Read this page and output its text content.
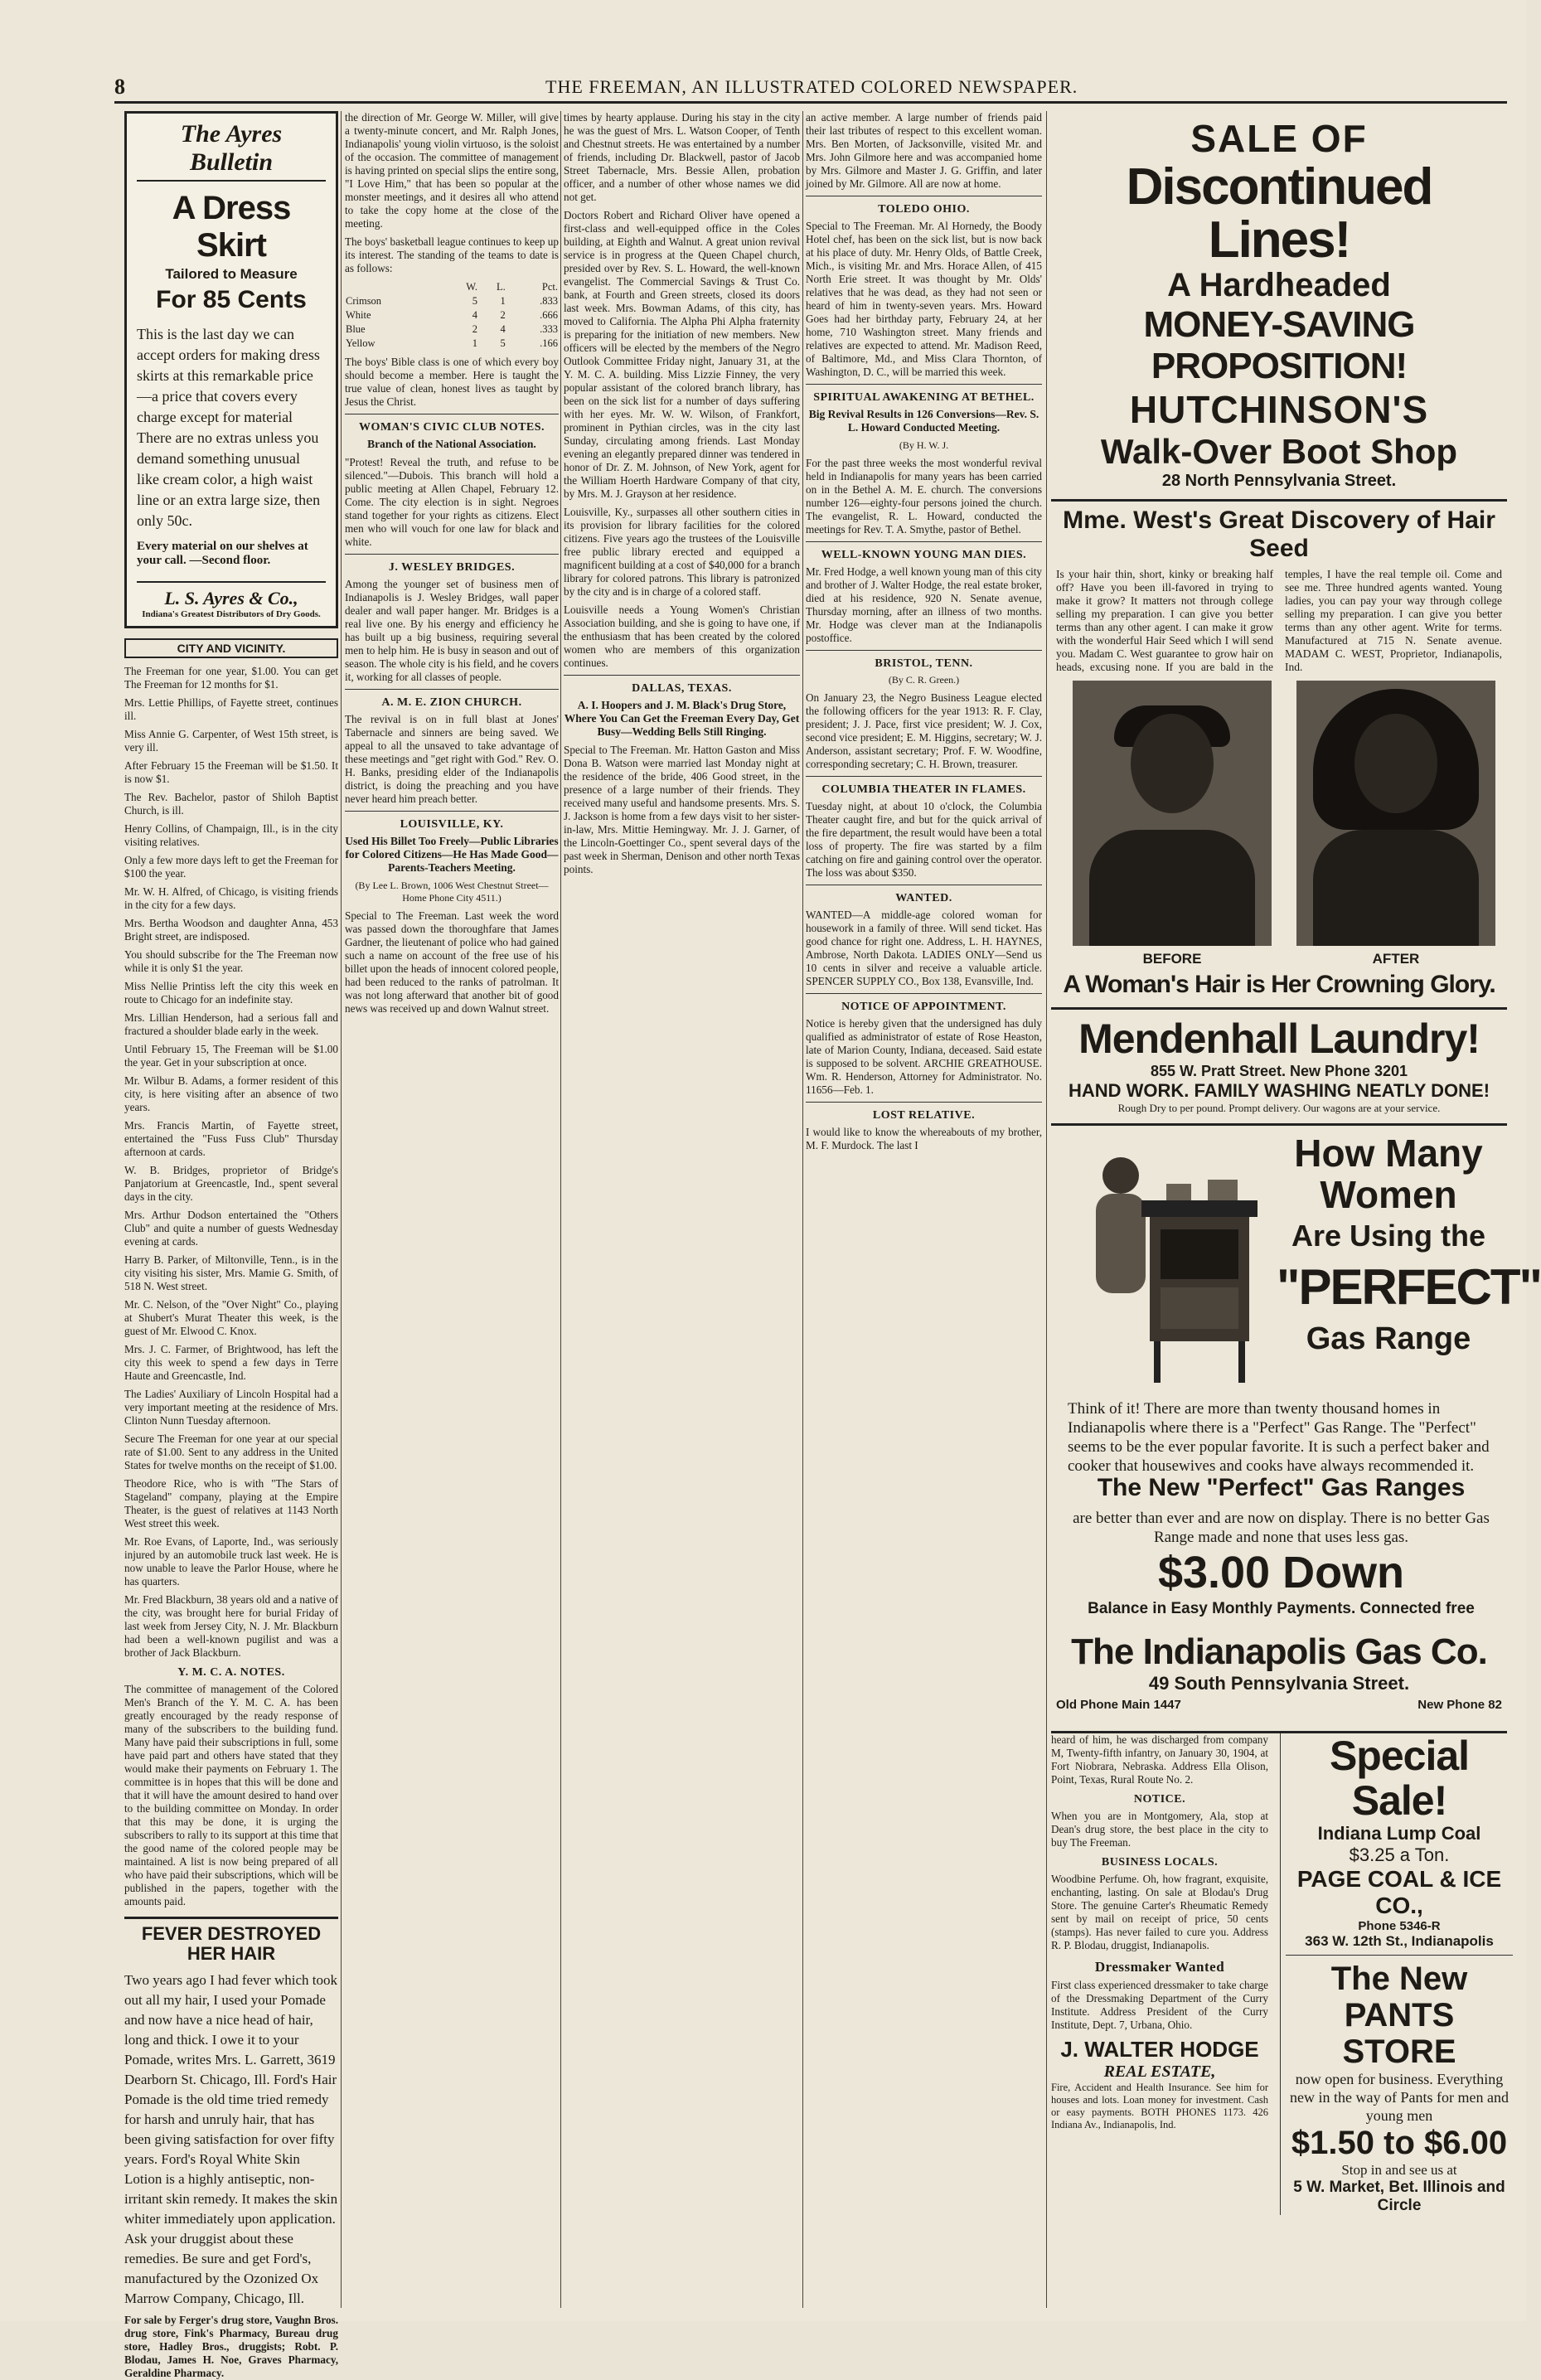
8	THE FREEMAN, AN ILLUSTRATED COLORED NEWSPAPER.
The Ayres Bulletin
A Dress Skirt
Tailored to Measure
For 85 Cents
This is the last day we can accept orders for making dress skirts at this remarkable price—a price that covers every charge except for material There are no extras unless you demand something unusual like cream color, a high waist line or an extra large size, then only 50c.
Every material on our shelves at your call. —Second floor.
L. S. Ayres & Co.,
Indiana's Greatest Distributors of Dry Goods.
CITY AND VICINITY.

The Freeman for one year, $1.00. You can get The Freeman for 12 months for $1.

Mrs. Lettie Phillips, of Fayette street, continues ill.

Miss Annie G. Carpenter, of West 15th street, is very ill.

After February 15 the Freeman will be $1.50. It is now $1.

The Rev. Bachelor, pastor of Shiloh Baptist Church, is ill.

Henry Collins, of Champaign, Ill., is in the city visiting relatives.

Only a few more days left to get the Freeman for $100 the year.

Mr. W. H. Alfred, of Chicago, is visiting friends in the city for a few days.

Mrs. Bertha Woodson and daughter Anna, 453 Bright street, are indisposed.

You should subscribe for the The Freeman now while it is only $1 the year.

Miss Nellie Printiss left the city this week en route to Chicago for an indefinite stay.

Mrs. Lillian Henderson, had a serious fall and fractured a shoulder blade early in the week.

Until February 15, The Freeman will be $1.00 the year. Get in your subscription at once.

Mr. Wilbur B. Adams, a former resident of this city, is here visiting after an absence of two years.

Mrs. Francis Martin, of Fayette street, entertained the "Fuss Fuss Club" Thursday afternoon at cards.

W. B. Bridges, proprietor of Bridge's Panjatorium at Greencastle, Ind., spent several days in the city.

Mrs. Arthur Dodson entertained the "Others Club" and quite a number of guests Wednesday evening at cards.

Harry B. Parker, of Miltonville, Tenn., is in the city visiting his sister, Mrs. Mamie G. Smith, of 518 N. West street.

Mr. C. Nelson, of the "Over Night" Co., playing at Shubert's Murat Theater this week, is the guest of Mr. Elwood C. Knox.

Mrs. J. C. Farmer, of Brightwood, has left the city this week to spend a few days in Terre Haute and Greencastle, Ind.

The Ladies' Auxiliary of Lincoln Hospital had a very important meeting at the residence of Mrs. Clinton Nunn Tuesday afternoon.

Secure The Freeman for one year at our special rate of $1.00. Sent to any address in the United States for twelve months on the receipt of $1.00.

Theodore Rice, who is with "The Stars of Stageland" company, playing at the Empire Theater, is the guest of relatives at 1143 North West street this week.

Mr. Roe Evans, of Laporte, Ind., was seriously injured by an automobile truck last week. He is now unable to leave the Parlor House, where he has quarters.

Mr. Fred Blackburn, 38 years old and a native of the city, was brought here for burial Friday of last week from Jersey City, N. J. Mr. Blackburn had been a well-known pugilist and was a brother of Jack Blackburn.

Y. M. C. A. NOTES.

The committee of management of the Colored Men's Branch of the Y. M. C. A. has been greatly encouraged by the ready response of many of the subscribers to the building fund. Many have paid their subscriptions in full, some have paid part and others have stated that they would make their payments on February 1. The committee is in hopes that this will be done and that it will have the amount desired to hand over to the building committee on Monday. In order that this may be done, it is urging the subscribers to rally to its support at this time that the good name of the colored people may be maintained. A list is now being prepared of all who have paid their subscriptions, which will be published in the papers, together with the amounts paid.

FEVER DESTROYED HER HAIR
Two years ago I had fever which took out all my hair, I used your Pomade and now have a nice head of hair, long and thick. I owe it to your Pomade, writes Mrs. L. Garrett, 3619 Dearborn St. Chicago, Ill. Ford's Hair Pomade is the old time tried remedy for harsh and unruly hair, that has been giving satisfaction for over fifty years. Ford's Royal White Skin Lotion is a highly antiseptic, non-irritant skin remedy. It makes the skin whiter immediately upon application. Ask your druggist about these remedies. Be sure and get Ford's, manufactured by the Ozonized Ox Marrow Company, Chicago, Ill.

For sale by Ferger's drug store, Vaughn Bros. drug store, Fink's Pharmacy, Bureau drug store, Hadley Bros., druggists; Robt. P. Blodau, James H. Noe, Graves Pharmacy, Geraldine Pharmacy.

the direction of Mr. George W. Miller, will give a twenty-minute concert, and Mr. Ralph Jones, Indianapolis' young violin virtuoso, is the soloist of the occasion. The committee of management is having printed on special slips the entire song, "I Love Him," that has been so popular at the monster meetings, and it desires all who attend to take the copy home at the close of the meeting.

The boys' basketball league continues to keep up its interest. The standing of the teams to date is as follows:

	W.	L.	Pct.
Crimson	5	1	.833
White	4	2	.666
Blue	2	4	.333
Yellow	1	5	.166

The boys' Bible class is one of which every boy should become a member. Here is taught the true value of clean, honest lives as taught by Jesus the Christ.

WOMAN'S CIVIC CLUB NOTES.
Branch of the National Association.

"Protest! Reveal the truth, and refuse to be silenced."—Dubois. This branch will hold a public meeting at Allen Chapel, February 12. Come. The city election is in sight. Negroes stand together for your rights as citizens. Elect men who will vouch for one law for black and white.

J. WESLEY BRIDGES.

Among the younger set of business men of Indianapolis is J. Wesley Bridges, wall paper dealer and wall paper hanger. Mr. Bridges is a real live one. By his energy and efficiency he has built up a big business, requiring several men to help him. He is busy in season and out of season. The whole city is his field, and he covers it, working for all classes of people.

A. M. E. ZION CHURCH.

The revival is on in full blast at Jones' Tabernacle and sinners are being saved. We appeal to all the unsaved to take advantage of these meetings and "get right with God." Rev. O. H. Banks, presiding elder of the Indianapolis district, is doing the preaching and you have never heard him preach better.

LOUISVILLE, KY.
Used His Billet Too Freely—Public Libraries for Colored Citizens—He Has Made Good—Parents-Teachers Meeting.
(By Lee L. Brown, 1006 West Chestnut Street—Home Phone City 4511.)

Special to The Freeman. Last week the word was passed down the thoroughfare that James Gardner, the lieutenant of police who had gained such a name on account of the free use of his billet upon the heads of innocent colored people, had been reduced to the ranks of patrolman. It was not long afterward that another bit of good news was received up and down Walnut street.

times by hearty applause. During his stay in the city he was the guest of Mrs. L. Watson Cooper, of Tenth and Chestnut streets. He was entertained by a number of friends, including Dr. Blackwell, pastor of Jacob Street Tabernacle, Mrs. Bessie Allen, probation officer, and a number of other whose names we did not get.

Doctors Robert and Richard Oliver have opened a first-class and well-equipped office in the Coles building, at Eighth and Walnut. A great union revival service is in progress at the Queen Chapel church, presided over by Rev. S. L. Howard, the well-known evangelist. The Commercial Savings & Trust Co. bank, at Fourth and Green streets, closed its doors last week. Mrs. Bowman Adams, of this city, has moved to California. The Alpha Phi Alpha fraternity is preparing for the initiation of new members. New officers will be elected by the members of the Negro Outlook Committee Friday night, January 31, at the Y. M. C. A. building. Miss Lizzie Finney, the very popular assistant of the colored branch library, has been on the sick list for a number of days suffering with her eyes. Mr. W. W. Wilson, of Frankfort, prominent in Pythian circles, was in the city last Sunday, circulating among friends. Last Monday evening an elegantly prepared dinner was tendered in honor of Dr. Z. M. Johnson, of New York, agent for the William Hoerth Hardware Company of that city, by Mrs. M. J. Grayson at her residence.

Louisville, Ky., surpasses all other southern cities in its provision for library facilities for the colored citizens. Five years ago the trustees of the Louisville free public library erected and equipped a magnificent building at a cost of $40,000 for a branch library for colored patrons. This library is patronized by the city and is in charge of a colored staff.

Louisville needs a Young Women's Christian Association building, and she is going to have one, if the enthusiasm that has been created by the colored women who are members of this organization continues.

DALLAS, TEXAS.
A. I. Hoopers and J. M. Black's Drug Store, Where You Can Get the Freeman Every Day, Get Busy—Wedding Bells Still Ringing.

Special to The Freeman. Mr. Hatton Gaston and Miss Dona B. Watson were married last Monday night at the residence of the bride, 406 Good street, in the presence of a large number of their friends. They received many useful and handsome presents. Mrs. S. J. Jackson is home from a few days visit to her sister-in-law, Mrs. Mittie Hemingway. Mr. J. J. Garner, of the Lincoln-Goettinger Co., spent several days of the past week in Sherman, Denison and other north Texas points.

an active member. A large number of friends paid their last tributes of respect to this excellent woman. Mrs. Ben Morten, of Jacksonville, visited Mr. and Mrs. John Gilmore here and was accompanied home by Mrs. Gilmore and Master J. G. Griffin, and later joined by Mr. Gilmore. All are now at home.

TOLEDO OHIO.

Special to The Freeman. Mr. Al Hornedy, the Boody Hotel chef, has been on the sick list, but is now back at his place of duty. Mr. Henry Olds, of Battle Creek, Mich., is visiting Mr. and Mrs. Horace Allen, of 415 North Erie street. It was thought by Mr. Olds' relatives that he was dead, as they had not seen or heard of him in twenty-seven years. Mrs. Howard Goes had her birthday party, February 24, at her home, 710 Washington street. Many friends and relatives are expected to attend. Mr. Madison Reed, of Baltimore, Md., and Miss Clara Thornton, of Washington, D. C., will be married this week.

SPIRITUAL AWAKENING AT BETHEL.
Big Revival Results in 126 Conversions—Rev. S. L. Howard Conducted Meeting.
(By H. W. J.

For the past three weeks the most wonderful revival held in Indianapolis for many years has been carried on in the Bethel A. M. E. church. The conversions number 126—eighty-four persons joined the church. The evangelist, R. L. Howard, conducted the meetings for Rev. T. A. Smythe, pastor of Bethel.

WELL-KNOWN YOUNG MAN DIES.

Mr. Fred Hodge, a well known young man of this city and brother of J. Walter Hodge, the real estate broker, died at his residence, 920 N. Senate avenue, Thursday morning, after an illness of two months. Mr. Hodge was clever man at the Indianapolis postoffice.

BRISTOL, TENN.
(By C. R. Green.)

On January 23, the Negro Business League elected the following officers for the year 1913: R. F. Clay, president; J. J. Pace, first vice president; W. J. Cox, second vice president; E. M. Higgins, secretary; W. J. Anderson, assistant secretary; Prof. F. W. Woodfine, corresponding secretary; C. H. Brown, treasurer.

COLUMBIA THEATER IN FLAMES.

Tuesday night, at about 10 o'clock, the Columbia Theater caught fire, and but for the quick arrival of the fire department, the result would have been a total loss of property. The fire was started by a film catching on fire and gaining control over the operator. The loss was about $350.

WANTED.

WANTED—A middle-age colored woman for housework in a family of three. Will send ticket. Has good chance for right one. Address, L. H. HAYNES, Ambrose, North Dakota. LADIES ONLY—Send us 10 cents in silver and receive a valuable article. SPENCER SUPPLY CO., Box 138, Evansville, Ind.

NOTICE OF APPOINTMENT.

Notice is hereby given that the undersigned has duly qualified as administrator of estate of Rose Heaston, late of Marion County, Indiana, deceased. Said estate is supposed to be solvent. ARCHIE GREATHOUSE. Wm. R. Henderson, Attorney for Administrator. No. 11656—Feb. 1.

LOST RELATIVE.

I would like to know the whereabouts of my brother, M. F. Murdock. The last I

SALE OF
Discontinued Lines!
A Hardheaded
MONEY-SAVING PROPOSITION!
HUTCHINSON'S
Walk-Over Boot Shop
28 North Pennsylvania Street.
Mme. West's Great Discovery of Hair Seed
Is your hair thin, short, kinky or breaking half off? Have you been ill-favored in trying to make it grow? It matters not through college selling my preparation. I can give you better terms than any other agent. I can make it grow with the wonderful Hair Seed which I will send you. Madam C. West guarantee to grow hair on heads, excusing none. If you are bald in the temples, I have the real temple oil. Come and see me. Three hundred agents wanted. Young ladies, you can pay your way through college selling my preparation. I can give you better terms than any other agent. Write for terms. Manufactured at 715 N. Senate avenue. MADAM C. WEST, Proprietor, Indianapolis, Ind.
BEFORE	AFTER
A Woman's Hair is Her Crowning Glory.
Mendenhall Laundry!
855 W. Pratt Street. New Phone 3201
HAND WORK. FAMILY WASHING NEATLY DONE!
Rough Dry to per pound. Prompt delivery. Our wagons are at your service.
How Many Women
Are Using the
"PERFECT"
Gas Range
Think of it! There are more than twenty thousand homes in Indianapolis where there is a "Perfect" Gas Range. The "Perfect" seems to be the ever popular favorite. It is such a perfect baker and cooker that housewives and cooks have always recommended it.
The New "Perfect" Gas Ranges
are better than ever and are now on display. There is no better Gas Range made and none that uses less gas.
$3.00 Down
Balance in Easy Monthly Payments. Connected free
The Indianapolis Gas Co.
49 South Pennsylvania Street.
Old Phone Main 1447	New Phone 82

heard of him, he was discharged from company M, Twenty-fifth infantry, on January 30, 1904, at Fort Niobrara, Nebraska. Address Ella Olison, Point, Texas, Rural Route No. 2.

NOTICE.

When you are in Montgomery, Ala, stop at Dean's drug store, the best place in the city to buy The Freeman.

BUSINESS LOCALS.

Woodbine Perfume. Oh, how fragrant, exquisite, enchanting, lasting. On sale at Blodau's Drug Store. The genuine Carter's Rheumatic Remedy sent by mail on receipt of price, 50 cents (stamps). Has never failed to cure you. Address R. P. Blodau, druggist, Indianapolis.

Dressmaker Wanted

First class experienced dressmaker to take charge of the Dressmaking Department of the Curry Institute. Address President of the Curry Institute, Dept. 7, Urbana, Ohio.

J. WALTER HODGE
REAL ESTATE,

Fire, Accident and Health Insurance. See him for houses and lots. Loan money for investment. Cash or easy payments. BOTH PHONES 1173. 426 Indiana Av., Indianapolis, Ind.

Special Sale!
Indiana Lump Coal
$3.25 a Ton.
PAGE COAL & ICE CO.,
Phone 5346-R
363 W. 12th St., Indianapolis
The New PANTS STORE
now open for business. Everything new in the way of Pants for men and young men
$1.50 to $6.00
Stop in and see us at
5 W. Market, Bet. Illinois and Circle
